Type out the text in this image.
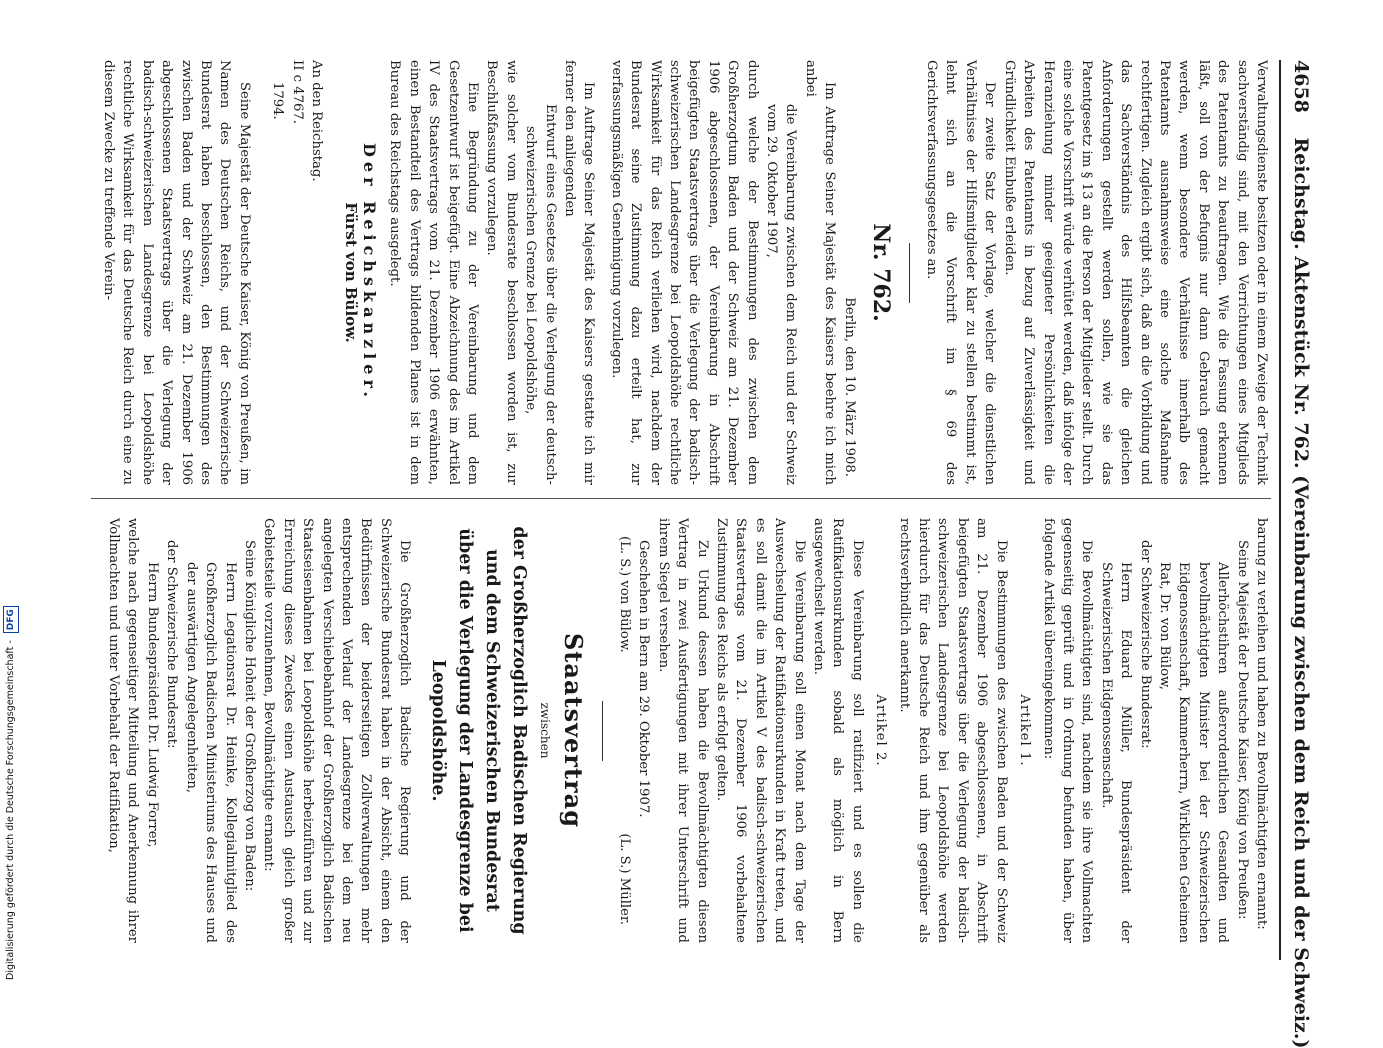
4658 Reichstag. Aktenstück Nr. 762. (Vereinbarung zwischen dem Reich und der Schweiz.)

Verwaltungsdienste besitzen oder in einem Zweige der Technik sachverständig sind, mit den Verrichtungen eines Mitglieds des Patentamts zu beauftragen. Wie die Fassung erkennen läßt, soll von der Befugnis nur dann Gebrauch gemacht werden, wenn besondere Verhältnisse innerhalb des Patentamts ausnahmsweise eine solche Maßnahme rechtfertigen. Zugleich ergibt sich, daß an die Vorbildung und das Sachverständnis des Hilfsbeamten die gleichen Anforderungen gestellt werden sollen, wie sie das Patentgesetz im § 13 an die Person der Mitglieder stellt. Durch eine solche Vorschrift würde verhütet werden, daß infolge der Heranziehung minder geeigneter Persönlichkeiten die Arbeiten des Patentamts in bezug auf Zuverlässigkeit und Gründlichkeit Einbuße erleiden.

Der zweite Satz der Vorlage, welcher die dienstlichen Verhältnisse der Hilfsmitglieder klar zu stellen bestimmt ist, lehnt sich an die Vorschrift im § 69 des Gerichtsverfassungsgesetzes an.

Nr. 762.

Berlin, den 10. März 1908.

Im Auftrage Seiner Majestät des Kaisers beehre ich mich anbei

die Vereinbarung zwischen dem Reich und der Schweiz vom 29. Oktober 1907,

durch welche der Bestimmungen des zwischen dem Großherzogtum Baden und der Schweiz am 21. Dezember 1906 abgeschlossenen, der Vereinbarung in Abschrift beigefügten Staatsvertrags über die Verlegung der badisch-schweizerischen Landesgrenze bei Leopoldshöhe rechtliche Wirksamkeit für das Reich verliehen wird, nachdem der Bundesrat seine Zustimmung dazu erteilt hat, zur verfassungsmäßigen Genehmigung vorzulegen.

Im Auftrage Seiner Majestät des Kaisers gestatte ich mir ferner den anliegenden

Entwurf eines Gesetzes über die Verlegung der deutsch-schweizerischen Grenze bei Leopoldshöhe,

wie solcher vom Bundesrate beschlossen worden ist, zur Beschlußfassung vorzulegen.

Eine Begründung zu der Vereinbarung und dem Gesetzentwurf ist beigefügt. Eine Abzeichnung des im Artikel IV des Staatsvertrags vom 21. Dezember 1906 erwähnten, einen Bestandteil des Vertrags bildenden Planes ist in dem Bureau des Reichstags ausgelegt.

Der Reichskanzler.
Fürst von Bülow.

An den Reichstag.

II c 4767.
1794.

Seine Majestät der Deutsche Kaiser, König von Preußen, im Namen des Deutschen Reichs, und der Schweizerische Bundesrat haben beschlossen, den Bestimmungen des zwischen Baden und der Schweiz am 21. Dezember 1906 abgeschlossenen Staatsvertrags über die Verlegung der badisch-schweizerischen Landesgrenze bei Leopoldshöhe rechtliche Wirksamkeit für das Deutsche Reich durch eine zu diesem Zwecke zu treffende Verein-

barung zu verleihen und haben zu Bevollmächtigten ernannt:

Seine Majestät der Deutsche Kaiser, König von Preußen:

Allerhöchstihren außerordentlichen Gesandten und bevollmächtigten Minister bei der Schweizerischen Eidgenossenschaft, Kammerherrn, Wirklichen Geheimen Rat, Dr. von Bülow,

der Schweizerische Bundesrat:

Herrn Eduard Müller, Bundespräsident der Schweizerischen Eidgenossenschaft.

Die Bevollmächtigten sind, nachdem sie ihre Vollmachten gegenseitig geprüft und in Ordnung befunden haben, über folgende Artikel übereingekommen:

Artikel 1.

Die Bestimmungen des zwischen Baden und der Schweiz am 21. Dezember 1906 abgeschlossenen, in Abschrift beigefügten Staatsvertrags über die Verlegung der badisch-schweizerischen Landesgrenze bei Leopoldshöhe werden hierdurch für das Deutsche Reich und ihm gegenüber als rechtsverbindlich anerkannt.

Artikel 2.

Diese Vereinbarung soll ratifiziert und es sollen die Ratifikationsurkunden sobald als möglich in Bern ausgewechselt werden.

Die Vereinbarung soll einen Monat nach dem Tage der Auswechselung der Ratifikationsurkunden in Kraft treten, und es soll damit die im Artikel V des badisch-schweizerischen Staatsvertrags vom 21. Dezember 1906 vorbehaltene Zustimmung des Reichs als erfolgt gelten.

Zu Urkund dessen haben die Bevollmächtigten diesen Vertrag in zwei Ausfertigungen mit ihrer Unterschrift und ihrem Siegel versehen.

Geschehen in Bern am 29. Oktober 1907.

(L. S.) von Bülow.
(L. S.) Müller.
Staatsvertrag
zwischen
der Großherzoglich Badischen Regierung und dem Schweizerischen Bundesrat über die Verlegung der Landesgrenze bei Leopoldshöhe.

Die Großherzoglich Badische Regierung und der Schweizerische Bundesrat haben in der Absicht, einem den Bedürfnissen der beiderseitigen Zollverwaltungen mehr entsprechenden Verlauf der Landesgrenze bei dem neu angelegten Verschiebebahnhof der Großherzoglich Badischen Staatseisenbahnen bei Leopoldshöhe herbeizuführen und zur Erreichung dieses Zweckes einen Austausch gleich großer Gebietsteile vorzunehmen, Bevollmächtigte ernannt:

Seine Königliche Hoheit der Großherzog von Baden:

Herrn Legationsrat Dr. Heinke, Kollegialmitglied des Großherzoglich Badischen Ministeriums des Hauses und der auswärtigen Angelegenheiten,

der Schweizerische Bundesrat:

Herrn Bundespräsident Dr. Ludwig Forrer,

welche nach gegenseitiger Mitteilung und Anerkennung ihrer Vollmachten und unter Vorbehalt der Ratifikation,

Digitalisierung gefördert durch die Deutsche Forschungsgemeinschaft - DFG
